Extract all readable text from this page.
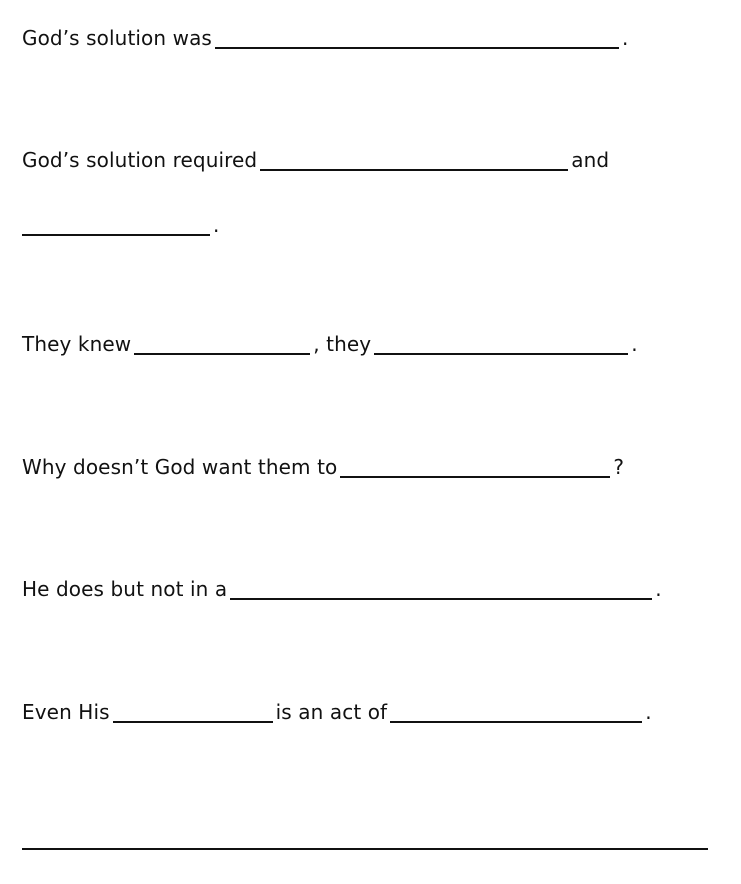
God’s solution was	.
God’s solution required	and
.
They knew	, they	.
Why doesn’t God want them to	?
He does but not in a	.
Even His	is an act of	.
